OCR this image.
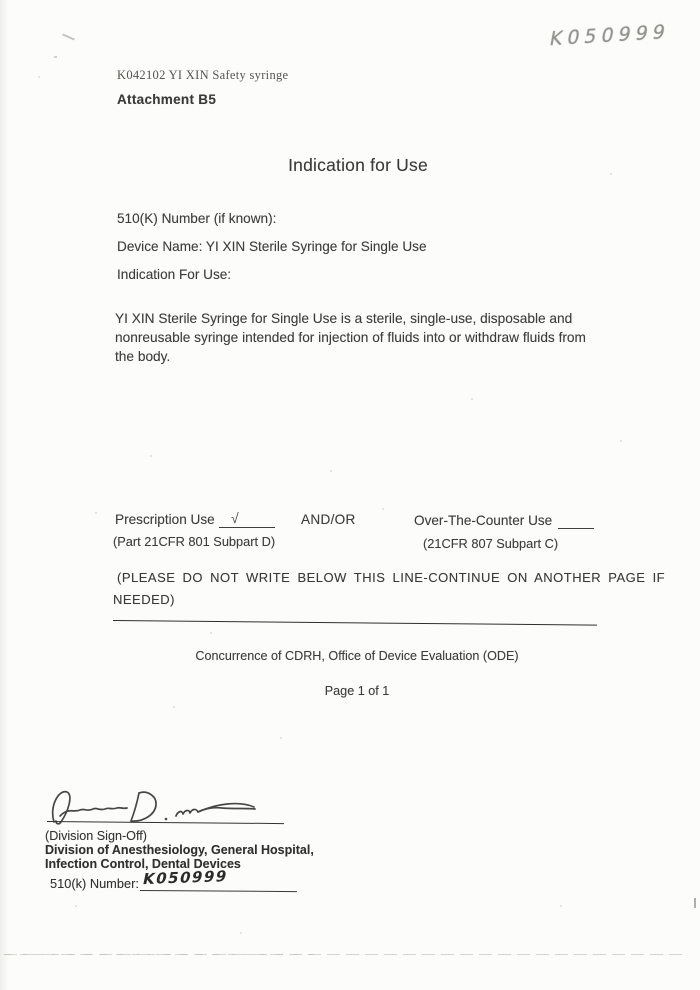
K050999
K042102 YI XIN Safety syringe
Attachment B5
Indication for Use
510(K) Number (if known):
Device Name: YI XIN Sterile Syringe for Single Use
Indication For Use:
YI XIN Sterile Syringe for Single Use is a sterile, single-use, disposable and
nonreusable syringe intended for injection of fluids into or withdraw fluids from
the body.
Prescription Use √	AND/OR	Over-The-Counter Use
(Part 21CFR 801 Subpart D)	(21CFR 807 Subpart C)
(PLEASE DO NOT WRITE BELOW THIS LINE-CONTINUE ON ANOTHER PAGE IF
NEEDED)
Concurrence of CDRH, Office of Device Evaluation (ODE)
Page 1 of 1
(Division Sign-Off)
Division of Anesthesiology, General Hospital,
Infection Control, Dental Devices
510(k) Number: K050999
